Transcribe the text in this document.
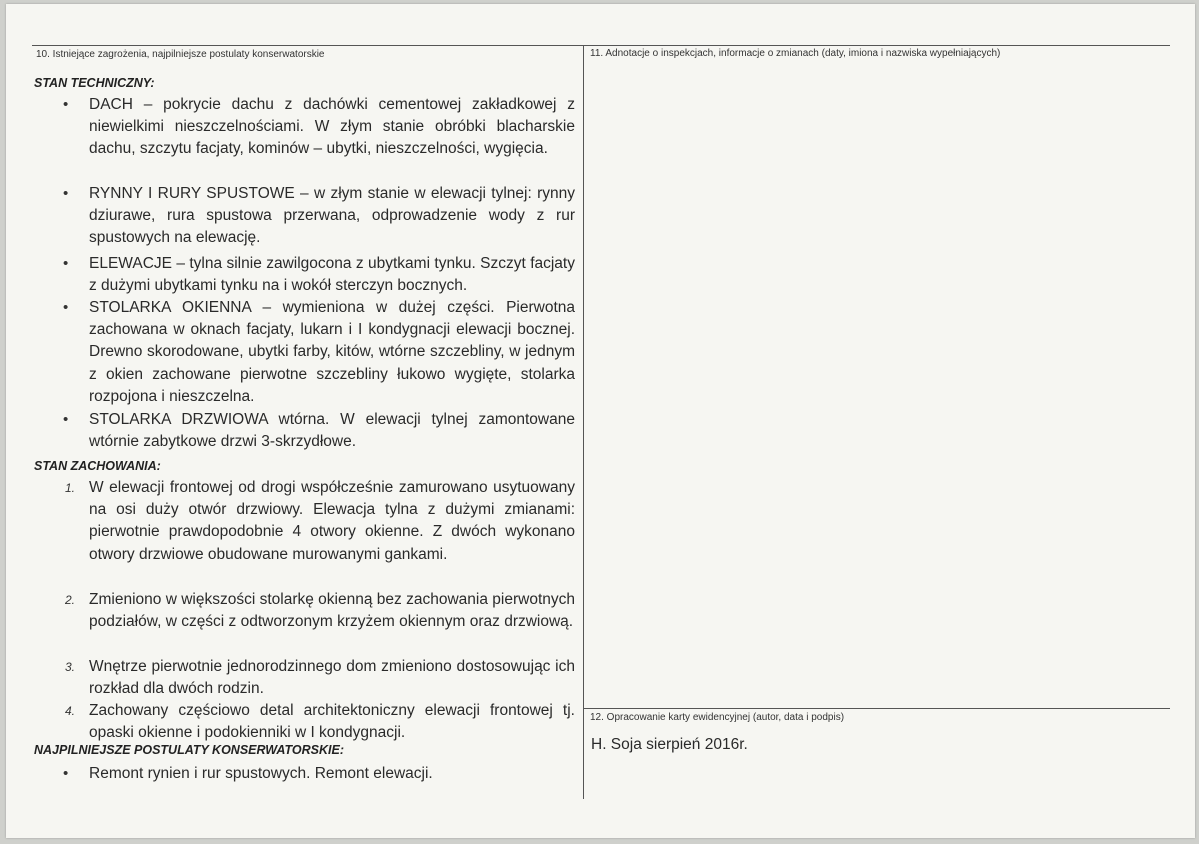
10. Istniejące zagrożenia, najpilniejsze postulaty konserwatorskie	11. Adnotacje o inspekcjach, informacje o zmianach (daty, imiona i nazwiska wypełniających)
12. Opracowanie karty ewidencyjnej (autor, data i podpis)
STAN TECHNICZNY:
• DACH – pokrycie dachu z dachówki cementowej zakładkowej z niewielkimi nieszczelnościami. W złym stanie obróbki blacharskie dachu, szczytu facjaty, kominów – ubytki, nieszczelności, wygięcia.
• RYNNY I RURY SPUSTOWE – w złym stanie w elewacji tylnej: rynny dziurawe, rura spustowa przerwana, odprowadzenie wody z rur spustowych na elewację.
• ELEWACJE – tylna silnie zawilgocona z ubytkami tynku. Szczyt facjaty z dużymi ubytkami tynku na i wokół sterczyn bocznych.
• STOLARKA OKIENNA – wymieniona w dużej części. Pierwotna zachowana w oknach facjaty, lukarn i I kondygnacji elewacji bocznej. Drewno skorodowane, ubytki farby, kitów, wtórne szczebliny, w jednym z okien zachowane pierwotne szczebliny łukowo wygięte, stolarka rozpojona i nieszczelna.
• STOLARKA DRZWIOWA wtórna. W elewacji tylnej zamontowane wtórnie zabytkowe drzwi 3-skrzydłowe.
STAN ZACHOWANIA:
1. W elewacji frontowej od drogi współcześnie zamurowano usytuowany na osi duży otwór drzwiowy. Elewacja tylna z dużymi zmianami: pierwotnie prawdopodobnie 4 otwory okienne. Z dwóch wykonano otwory drzwiowe obudowane murowanymi gankami.
2. Zmieniono w większości stolarkę okienną bez zachowania pierwotnych podziałów, w części z odtworzonym krzyżem okiennym oraz drzwiową.
3. Wnętrze pierwotnie jednorodzinnego dom zmieniono dostosowując ich rozkład dla dwóch rodzin.
4. Zachowany częściowo detal architektoniczny elewacji frontowej tj. opaski okienne i podokienniki w I kondygnacji.
NAJPILNIEJSZE POSTULATY KONSERWATORSKIE:
• Remont rynien i rur spustowych. Remont elewacji.
H. Soja sierpień 2016r.
